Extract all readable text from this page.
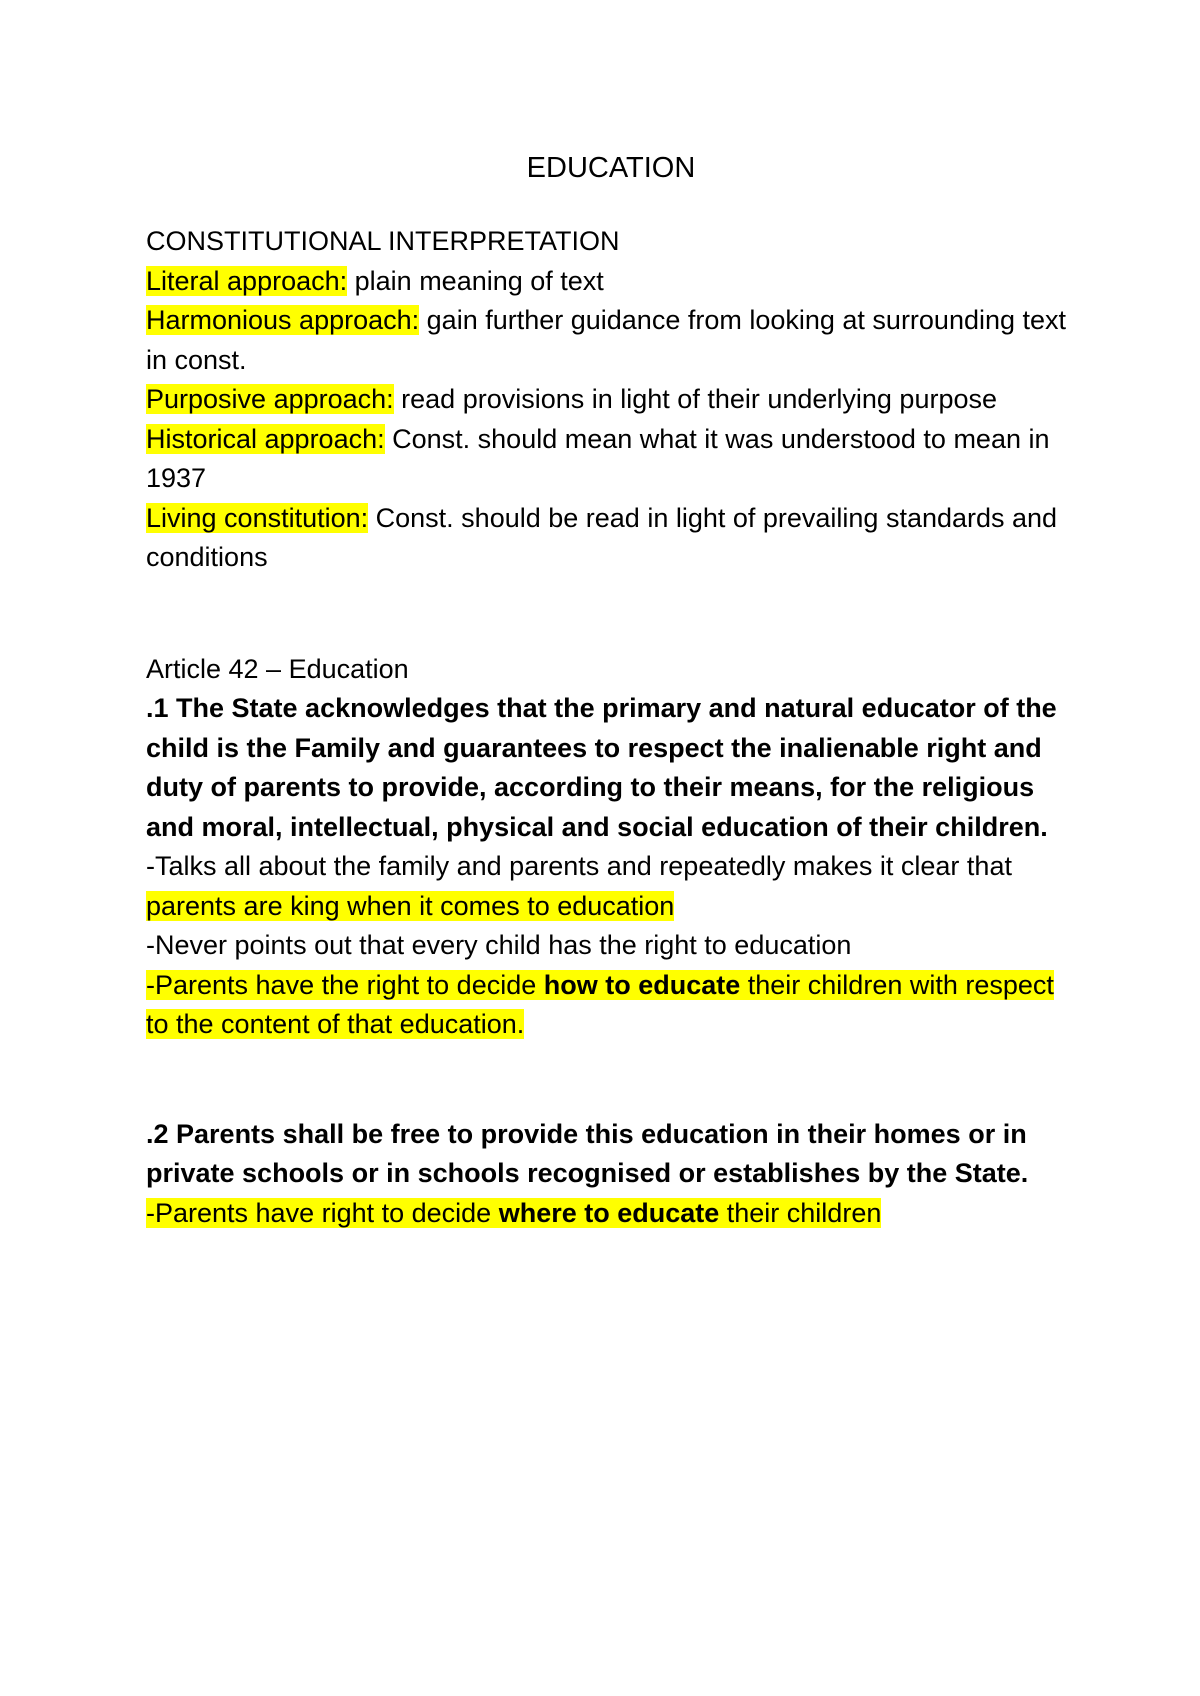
EDUCATION

CONSTITUTIONAL INTERPRETATION

Literal approach: plain meaning of text

Harmonious approach: gain further guidance from looking at surrounding text in const.

Purposive approach: read provisions in light of their underlying purpose

Historical approach: Const. should mean what it was understood to mean in 1937

Living constitution: Const. should be read in light of prevailing standards and conditions

Article 42 – Education

.1 The State acknowledges that the primary and natural educator of the child is the Family and guarantees to respect the inalienable right and duty of parents to provide, according to their means, for the religious and moral, intellectual, physical and social education of their children.

-Talks all about the family and parents and repeatedly makes it clear that parents are king when it comes to education

-Never points out that every child has the right to education

-Parents have the right to decide how to educate their children with respect to the content of that education.

.2 Parents shall be free to provide this education in their homes or in private schools or in schools recognised or establishes by the State.

-Parents have right to decide where to educate their children
